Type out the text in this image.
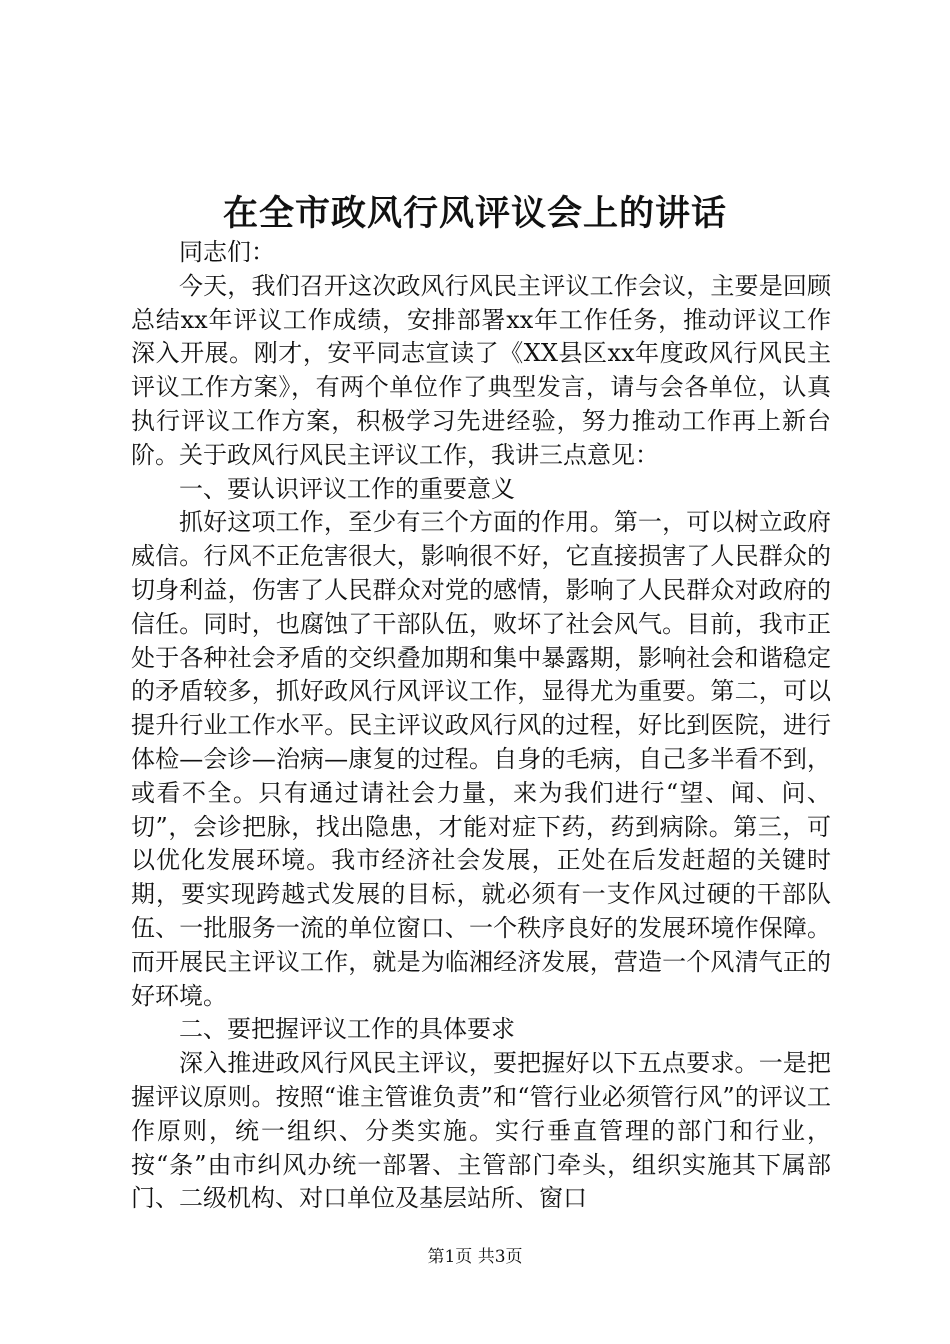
在全市政风行风评议会上的讲话

同志们：

今天，我们召开这次政风行风民主评议工作会议，主要是回顾总结xx年评议工作成绩，安排部署xx年工作任务，推动评议工作深入开展。刚才，安平同志宣读了《XX县区xx年度政风行风民主评议工作方案》，有两个单位作了典型发言，请与会各单位，认真执行评议工作方案，积极学习先进经验，努力推动工作再上新台阶。关于政风行风民主评议工作，我讲三点意见：

一、要认识评议工作的重要意义

抓好这项工作，至少有三个方面的作用。第一，可以树立政府威信。行风不正危害很大，影响很不好，它直接损害了人民群众的切身利益，伤害了人民群众对党的感情，影响了人民群众对政府的信任。同时，也腐蚀了干部队伍，败坏了社会风气。目前，我市正处于各种社会矛盾的交织叠加期和集中暴露期，影响社会和谐稳定的矛盾较多，抓好政风行风评议工作，显得尤为重要。第二，可以提升行业工作水平。民主评议政风行风的过程，好比到医院，进行体检—会诊—治病—康复的过程。自身的毛病，自己多半看不到，或看不全。只有通过请社会力量，来为我们进行“望、闻、问、切”，会诊把脉，找出隐患，才能对症下药，药到病除。第三，可以优化发展环境。我市经济社会发展，正处在后发赶超的关键时期，要实现跨越式发展的目标，就必须有一支作风过硬的干部队伍、一批服务一流的单位窗口、一个秩序良好的发展环境作保障。而开展民主评议工作，就是为临湘经济发展，营造一个风清气正的好环境。

二、要把握评议工作的具体要求

深入推进政风行风民主评议，要把握好以下五点要求。一是把握评议原则。按照“谁主管谁负责”和“管行业必须管行风”的评议工作原则，统一组织、分类实施。实行垂直管理的部门和行业，按“条”由市纠风办统一部署、主管部门牵头，组织实施其下属部门、二级机构、对口单位及基层站所、窗口

第1页 共3页
